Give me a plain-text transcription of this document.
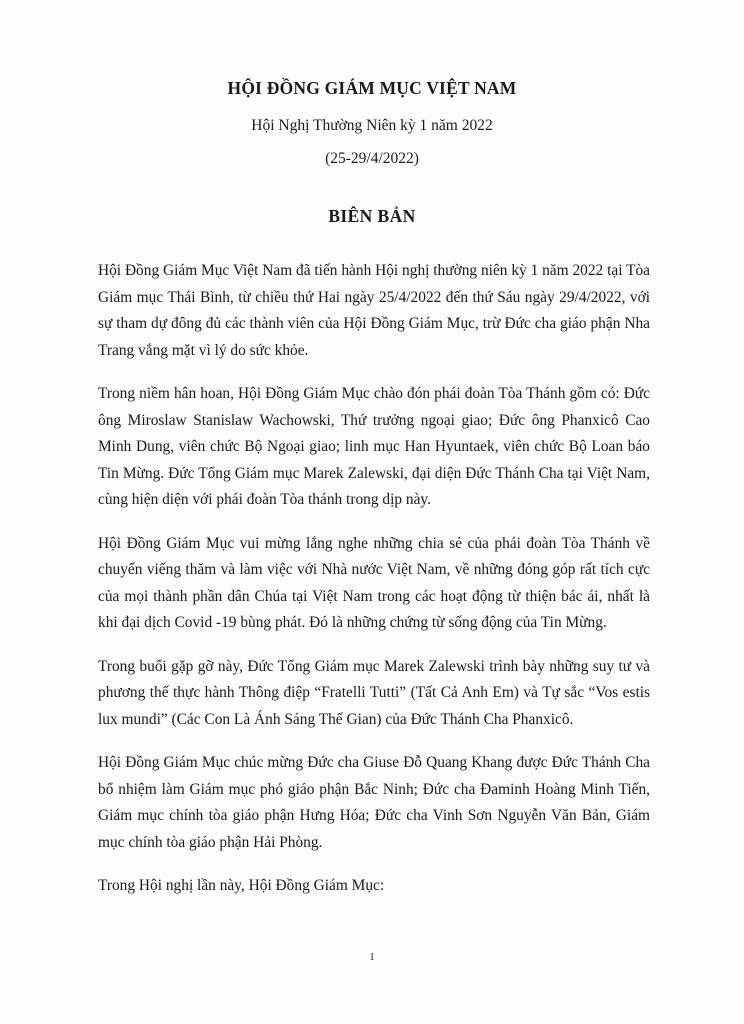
HỘI ĐỒNG GIÁM MỤC VIỆT NAM
Hội Nghị Thường Niên kỳ 1 năm 2022
(25-29/4/2022)
BIÊN BẢN

Hội Đồng Giám Mục Việt Nam đã tiến hành Hội nghị thường niên kỳ 1 năm 2022 tại Tòa Giám mục Thái Bình, từ chiều thứ Hai ngày 25/4/2022 đến thứ Sáu ngày 29/4/2022, với sự tham dự đông đủ các thành viên của Hội Đồng Giám Mục, trừ Đức cha giáo phận Nha Trang vắng mặt vì lý do sức khỏe.

Trong niềm hân hoan, Hội Đồng Giám Mục chào đón phái đoàn Tòa Thánh gồm có: Đức ông Miroslaw Stanislaw Wachowski, Thứ trưởng ngoại giao; Đức ông Phanxicô Cao Minh Dung, viên chức Bộ Ngoại giao; linh mục Han Hyuntaek, viên chức Bộ Loan báo Tin Mừng. Đức Tổng Giám mục Marek Zalewski, đại diện Đức Thánh Cha tại Việt Nam, cùng hiện diện với phái đoàn Tòa thánh trong dịp này.

Hội Đồng Giám Mục vui mừng lắng nghe những chia sẻ của phái đoàn Tòa Thánh về chuyến viếng thăm và làm việc với Nhà nước Việt Nam, về những đóng góp rất tích cực của mọi thành phần dân Chúa tại Việt Nam trong các hoạt động từ thiện bác ái, nhất là khi đại dịch Covid -19 bùng phát. Đó là những chứng từ sống động của Tin Mừng.

Trong buổi gặp gỡ này, Đức Tổng Giám mục Marek Zalewski trình bày những suy tư và phương thế thực hành Thông điệp “Fratelli Tutti” (Tất Cả Anh Em) và Tự sắc “Vos estis lux mundi” (Các Con Là Ánh Sáng Thế Gian) của Đức Thánh Cha Phanxicô.

Hội Đồng Giám Mục chúc mừng Đức cha Giuse Đỗ Quang Khang được Đức Thánh Cha bổ nhiệm làm Giám mục phó giáo phận Bắc Ninh; Đức cha Đaminh Hoàng Minh Tiến, Giám mục chính tòa giáo phận Hưng Hóa; Đức cha Vinh Sơn Nguyễn Văn Bản, Giám mục chính tòa giáo phận Hải Phòng.

Trong Hội nghị lần này, Hội Đồng Giám Mục:

1
